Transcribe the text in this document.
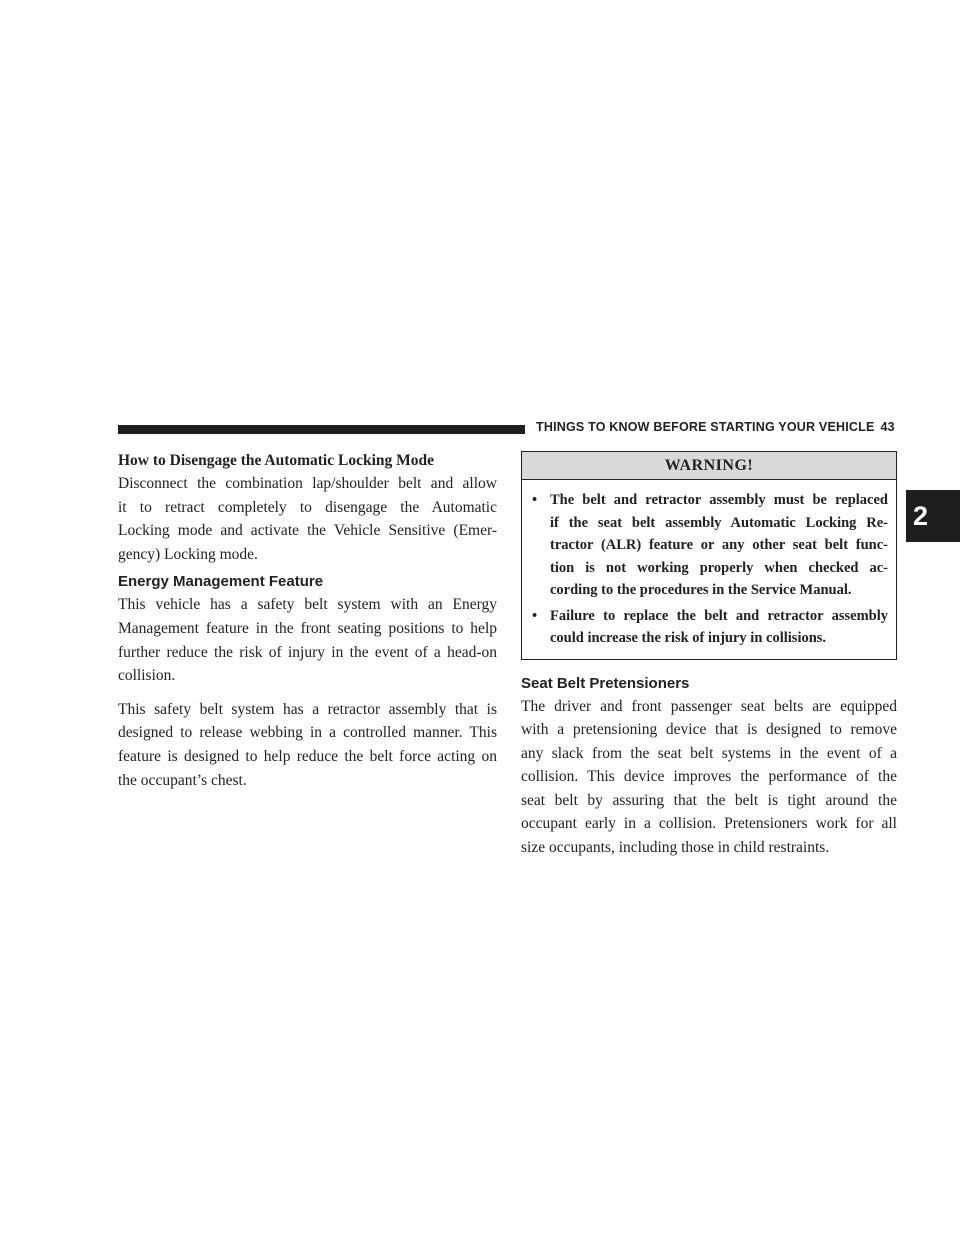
THINGS TO KNOW BEFORE STARTING YOUR VEHICLE 43
2
How to Disengage the Automatic Locking Mode

Disconnect the combination lap/shoulder belt and allow
it to retract completely to disengage the Automatic
Locking mode and activate the Vehicle Sensitive (Emer-
gency) Locking mode.

Energy Management Feature

This vehicle has a safety belt system with an Energy
Management feature in the front seating positions to help
further reduce the risk of injury in the event of a head-on
collision.

This safety belt system has a retractor assembly that is
designed to release webbing in a controlled manner. This
feature is designed to help reduce the belt force acting on
the occupant’s chest.

WARNING!
• The belt and retractor assembly must be replaced
if the seat belt assembly Automatic Locking Re-
tractor (ALR) feature or any other seat belt func-
tion is not working properly when checked ac-
cording to the procedures in the Service Manual.
• Failure to replace the belt and retractor assembly
could increase the risk of injury in collisions.
Seat Belt Pretensioners

The driver and front passenger seat belts are equipped
with a pretensioning device that is designed to remove
any slack from the seat belt systems in the event of a
collision. This device improves the performance of the
seat belt by assuring that the belt is tight around the
occupant early in a collision. Pretensioners work for all
size occupants, including those in child restraints.
